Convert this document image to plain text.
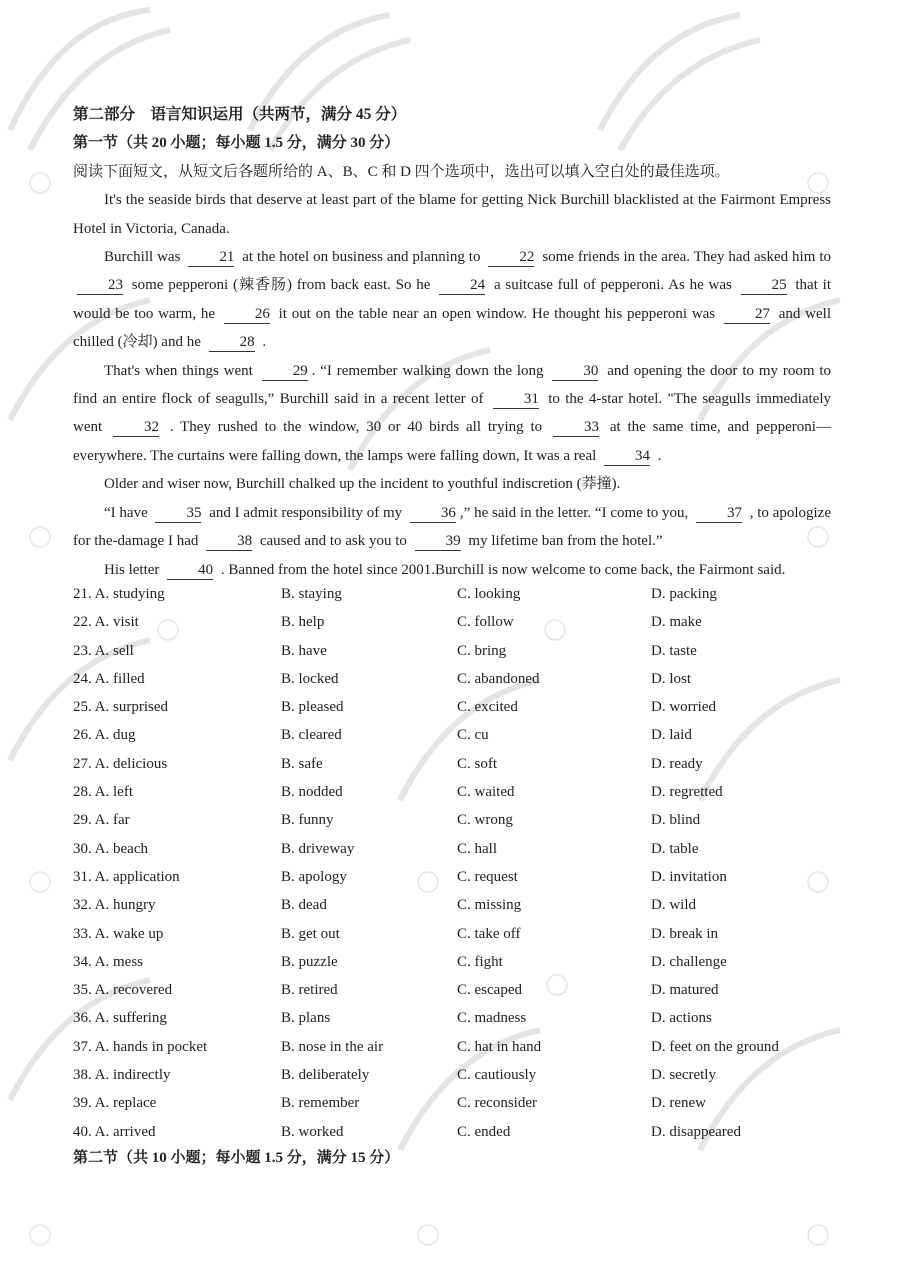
第二部分　语言知识运用（共两节，满分 45 分）
第一节（共 20 小题；每小题 1.5 分，满分 30 分）
阅读下面短文，从短文后各题所给的 A、B、C 和 D 四个选项中，选出可以填入空白处的最佳选项。
It's the seaside birds that deserve at least part of the blame for getting Nick Burchill blacklisted at the Fairmont Empress Hotel in Victoria, Canada.
Burchill was 21 at the hotel on business and planning to 22 some friends in the area. They had asked him to 23 some pepperoni (辣香肠) from back east. So he 24 a suitcase full of pepperoni. As he was 25 that it would be too warm, he 26 it out on the table near an open window. He thought his pepperoni was 27 and well chilled (冷却) and he 28 .
That's when things went 29 . “I remember walking down the long 30 and opening the door to my room to find an entire flock of seagulls,” Burchill said in a recent letter of 31 to the 4-star hotel. "The seagulls immediately went 32 . They rushed to the window, 30 or 40 birds all trying to 33 at the same time, and pepperoni—everywhere. The curtains were falling down, the lamps were falling down, It was a real 34 .
Older and wiser now, Burchill chalked up the incident to youthful indiscretion (莽撞).
“I have 35 and I admit responsibility of my 36 ,” he said in the letter. “I come to you, 37 , to apologize for the-damage I had 38 caused and to ask you to 39 my lifetime ban from the hotel.”
His letter 40 . Banned from the hotel since 2001.Burchill is now welcome to come back, the Fairmont said.
21. A. studying	B. staying	C. looking	D. packing
22. A. visit	B. help	C. follow	D. make
23. A. sell	B. have	C. bring	D. taste
24. A. filled	B. locked	C. abandoned	D. lost
25. A. surprised	B. pleased	C. excited	D. worried
26. A. dug	B. cleared	C. cu	D. laid
27. A. delicious	B. safe	C. soft	D. ready
28. A. left	B. nodded	C. waited	D. regretted
29. A. far	B. funny	C. wrong	D. blind
30. A. beach	B. driveway	C. hall	D. table
31. A. application	B. apology	C. request	D. invitation
32. A. hungry	B. dead	C. missing	D. wild
33. A. wake up	B. get out	C. take off	D. break in
34. A. mess	B. puzzle	C. fight	D. challenge
35. A. recovered	B. retired	C. escaped	D. matured
36. A. suffering	B. plans	C. madness	D. actions
37. A. hands in pocket	B. nose in the air	C. hat in hand	D. feet on the ground
38. A. indirectly	B. deliberately	C. cautiously	D. secretly
39. A. replace	B. remember	C. reconsider	D. renew
40. A. arrived	B. worked	C. ended	D. disappeared
第二节（共 10 小题；每小题 1.5 分，满分 15 分）
